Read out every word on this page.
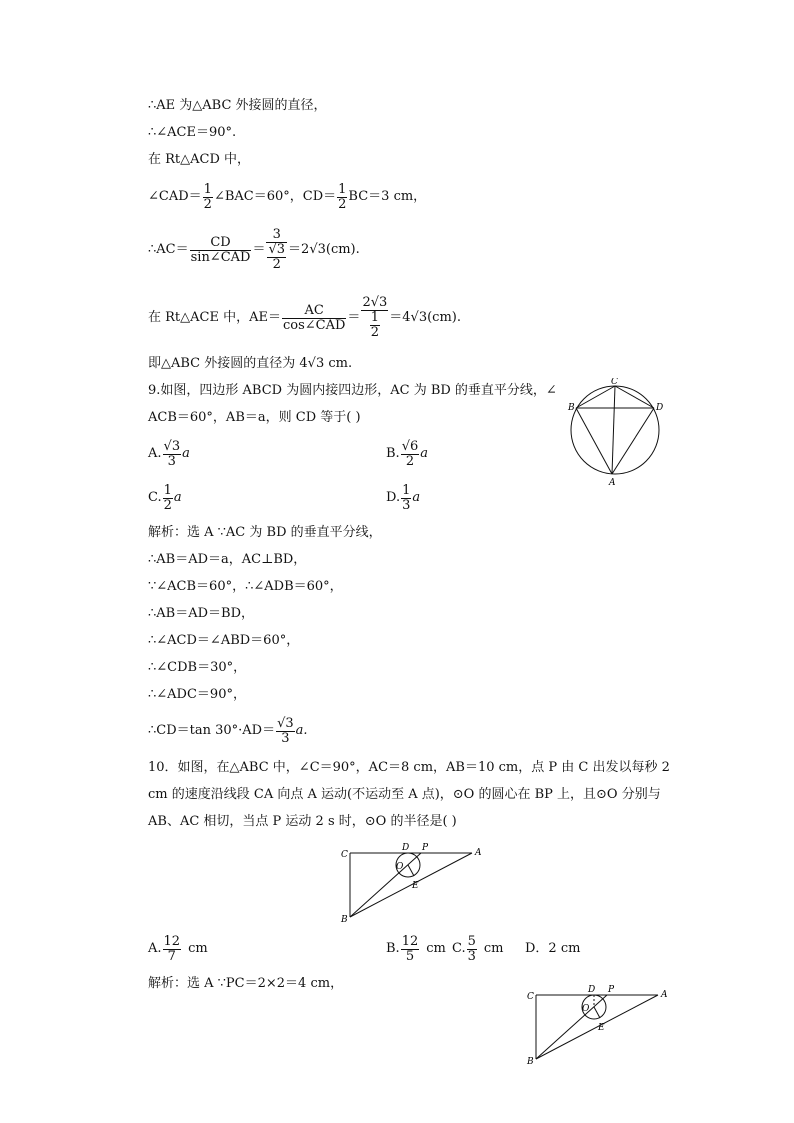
∴AE 为△ABC 外接圆的直径，
∴∠ACE＝90°.
在 Rt△ACD 中，
∠CAD＝ $\frac{1}{2}$ ∠BAC＝60°，$CD= \frac{1}{2} BC=3$ cm，
∴AC＝ $\frac{CD}{\text{sin∠CAD}} = \frac{3}{\frac{√3}{2}} =2√3(cm)$.
在 Rt△ACE 中，$AE= \frac{AC}{\text{cos∠CAD}} = \frac{2√3}{\frac{1}{2}} =4√3(cm)$.
即△ABC 外接圆的直径为 4√3 cm.
9.如图，四边形 ABCD 为圆内接四边形，AC 为 BD 的垂直平分线，∠
ACB＝60°，AB＝a，则 CD 等于( )
C
B	D
A
A. $\frac{√3}{3}$ a	B. $\frac{√6}{2}$ a
C. $\frac{1}{2}$ a	D. $\frac{1}{3}$ a
解析：选 A ∵AC 为 BD 的垂直平分线，
∴AB＝AD＝a，AC⊥BD，
∵∠ACB＝60°，∴∠ADB＝60°，
∴AB＝AD＝BD，
∴∠ACD＝∠ABD＝60°，
∴∠CDB＝30°，
∴∠ADC＝90°，
∴CD＝tan $30^\circ\cdot AD= \frac{√3}{3} a$.
10．如图，在△ABC 中，∠C＝90°，AC＝8 cm，AB＝10 cm，点 P 由 C 出发以每秒 2
cm 的速度沿线段 CA 向点 A 运动(不运动至 A 点)，⊙O 的圆心在 BP 上，且⊙O 分别与
AB、AC 相切，当点 P 运动 2 s 时，⊙O 的半径是( )
C
B
A
D P
O
E
A. $\frac{12}{7}$ cm	B. $\frac{12}{5}$ cm C. $\frac{5}{3}$ cm D．2 cm
解析：选 A ∵PC＝2×2＝4 cm，
C
B
A
D P
O
E
